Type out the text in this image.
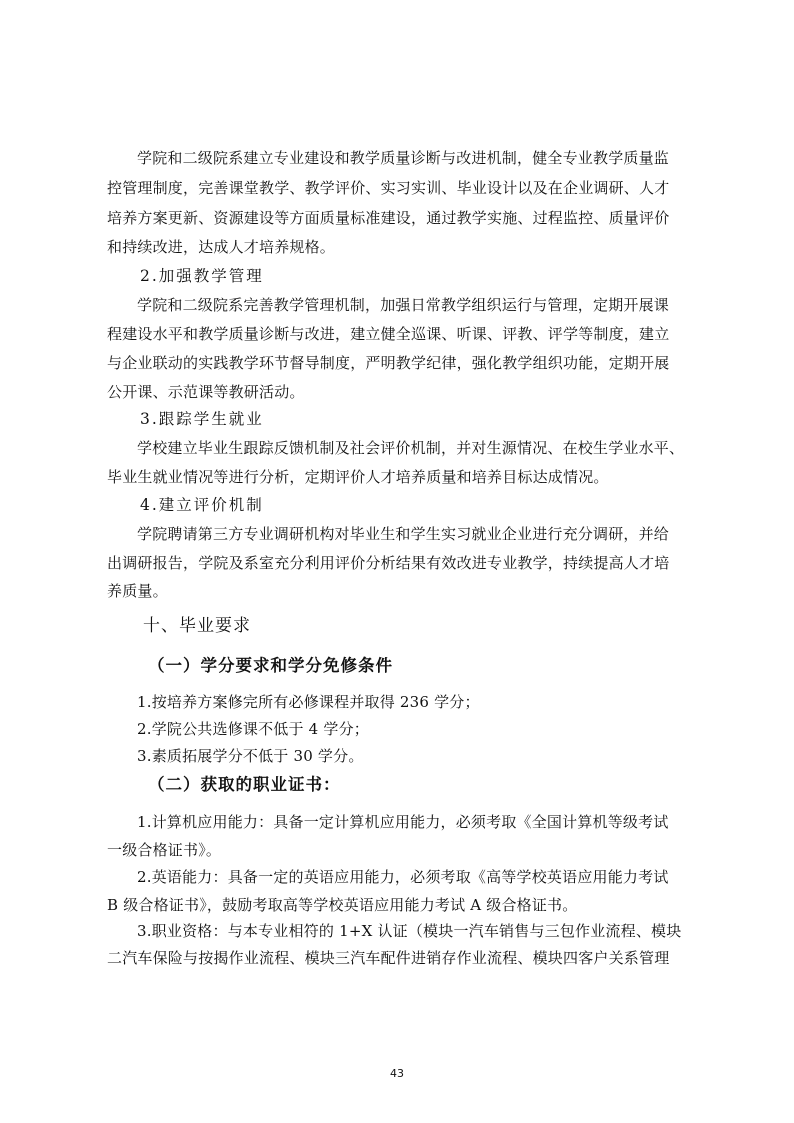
学院和二级院系建立专业建设和教学质量诊断与改进机制，健全专业教学质量监
控管理制度，完善课堂教学、教学评价、实习实训、毕业设计以及在企业调研、人才
培养方案更新、资源建设等方面质量标准建设，通过教学实施、过程监控、质量评价
和持续改进，达成人才培养规格。
2.加强教学管理
学院和二级院系完善教学管理机制，加强日常教学组织运行与管理，定期开展课
程建设水平和教学质量诊断与改进，建立健全巡课、听课、评教、评学等制度，建立
与企业联动的实践教学环节督导制度，严明教学纪律，强化教学组织功能，定期开展
公开课、示范课等教研活动。
3.跟踪学生就业
学校建立毕业生跟踪反馈机制及社会评价机制，并对生源情况、在校生学业水平、
毕业生就业情况等进行分析，定期评价人才培养质量和培养目标达成情况。
4.建立评价机制
学院聘请第三方专业调研机构对毕业生和学生实习就业企业进行充分调研，并给
出调研报告，学院及系室充分利用评价分析结果有效改进专业教学，持续提高人才培
养质量。
十、毕业要求
（一）学分要求和学分免修条件
1.按培养方案修完所有必修课程并取得 236 学分；
2.学院公共选修课不低于 4 学分；
3.素质拓展学分不低于 30 学分。
（二）获取的职业证书：
1.计算机应用能力：具备一定计算机应用能力，必须考取《全国计算机等级考试
一级合格证书》。
2.英语能力：具备一定的英语应用能力，必须考取《高等学校英语应用能力考试
B 级合格证书》，鼓励考取高等学校英语应用能力考试 A 级合格证书。
3.职业资格：与本专业相符的 1+X 认证（模块一汽车销售与三包作业流程、模块
二汽车保险与按揭作业流程、模块三汽车配件进销存作业流程、模块四客户关系管理
43
